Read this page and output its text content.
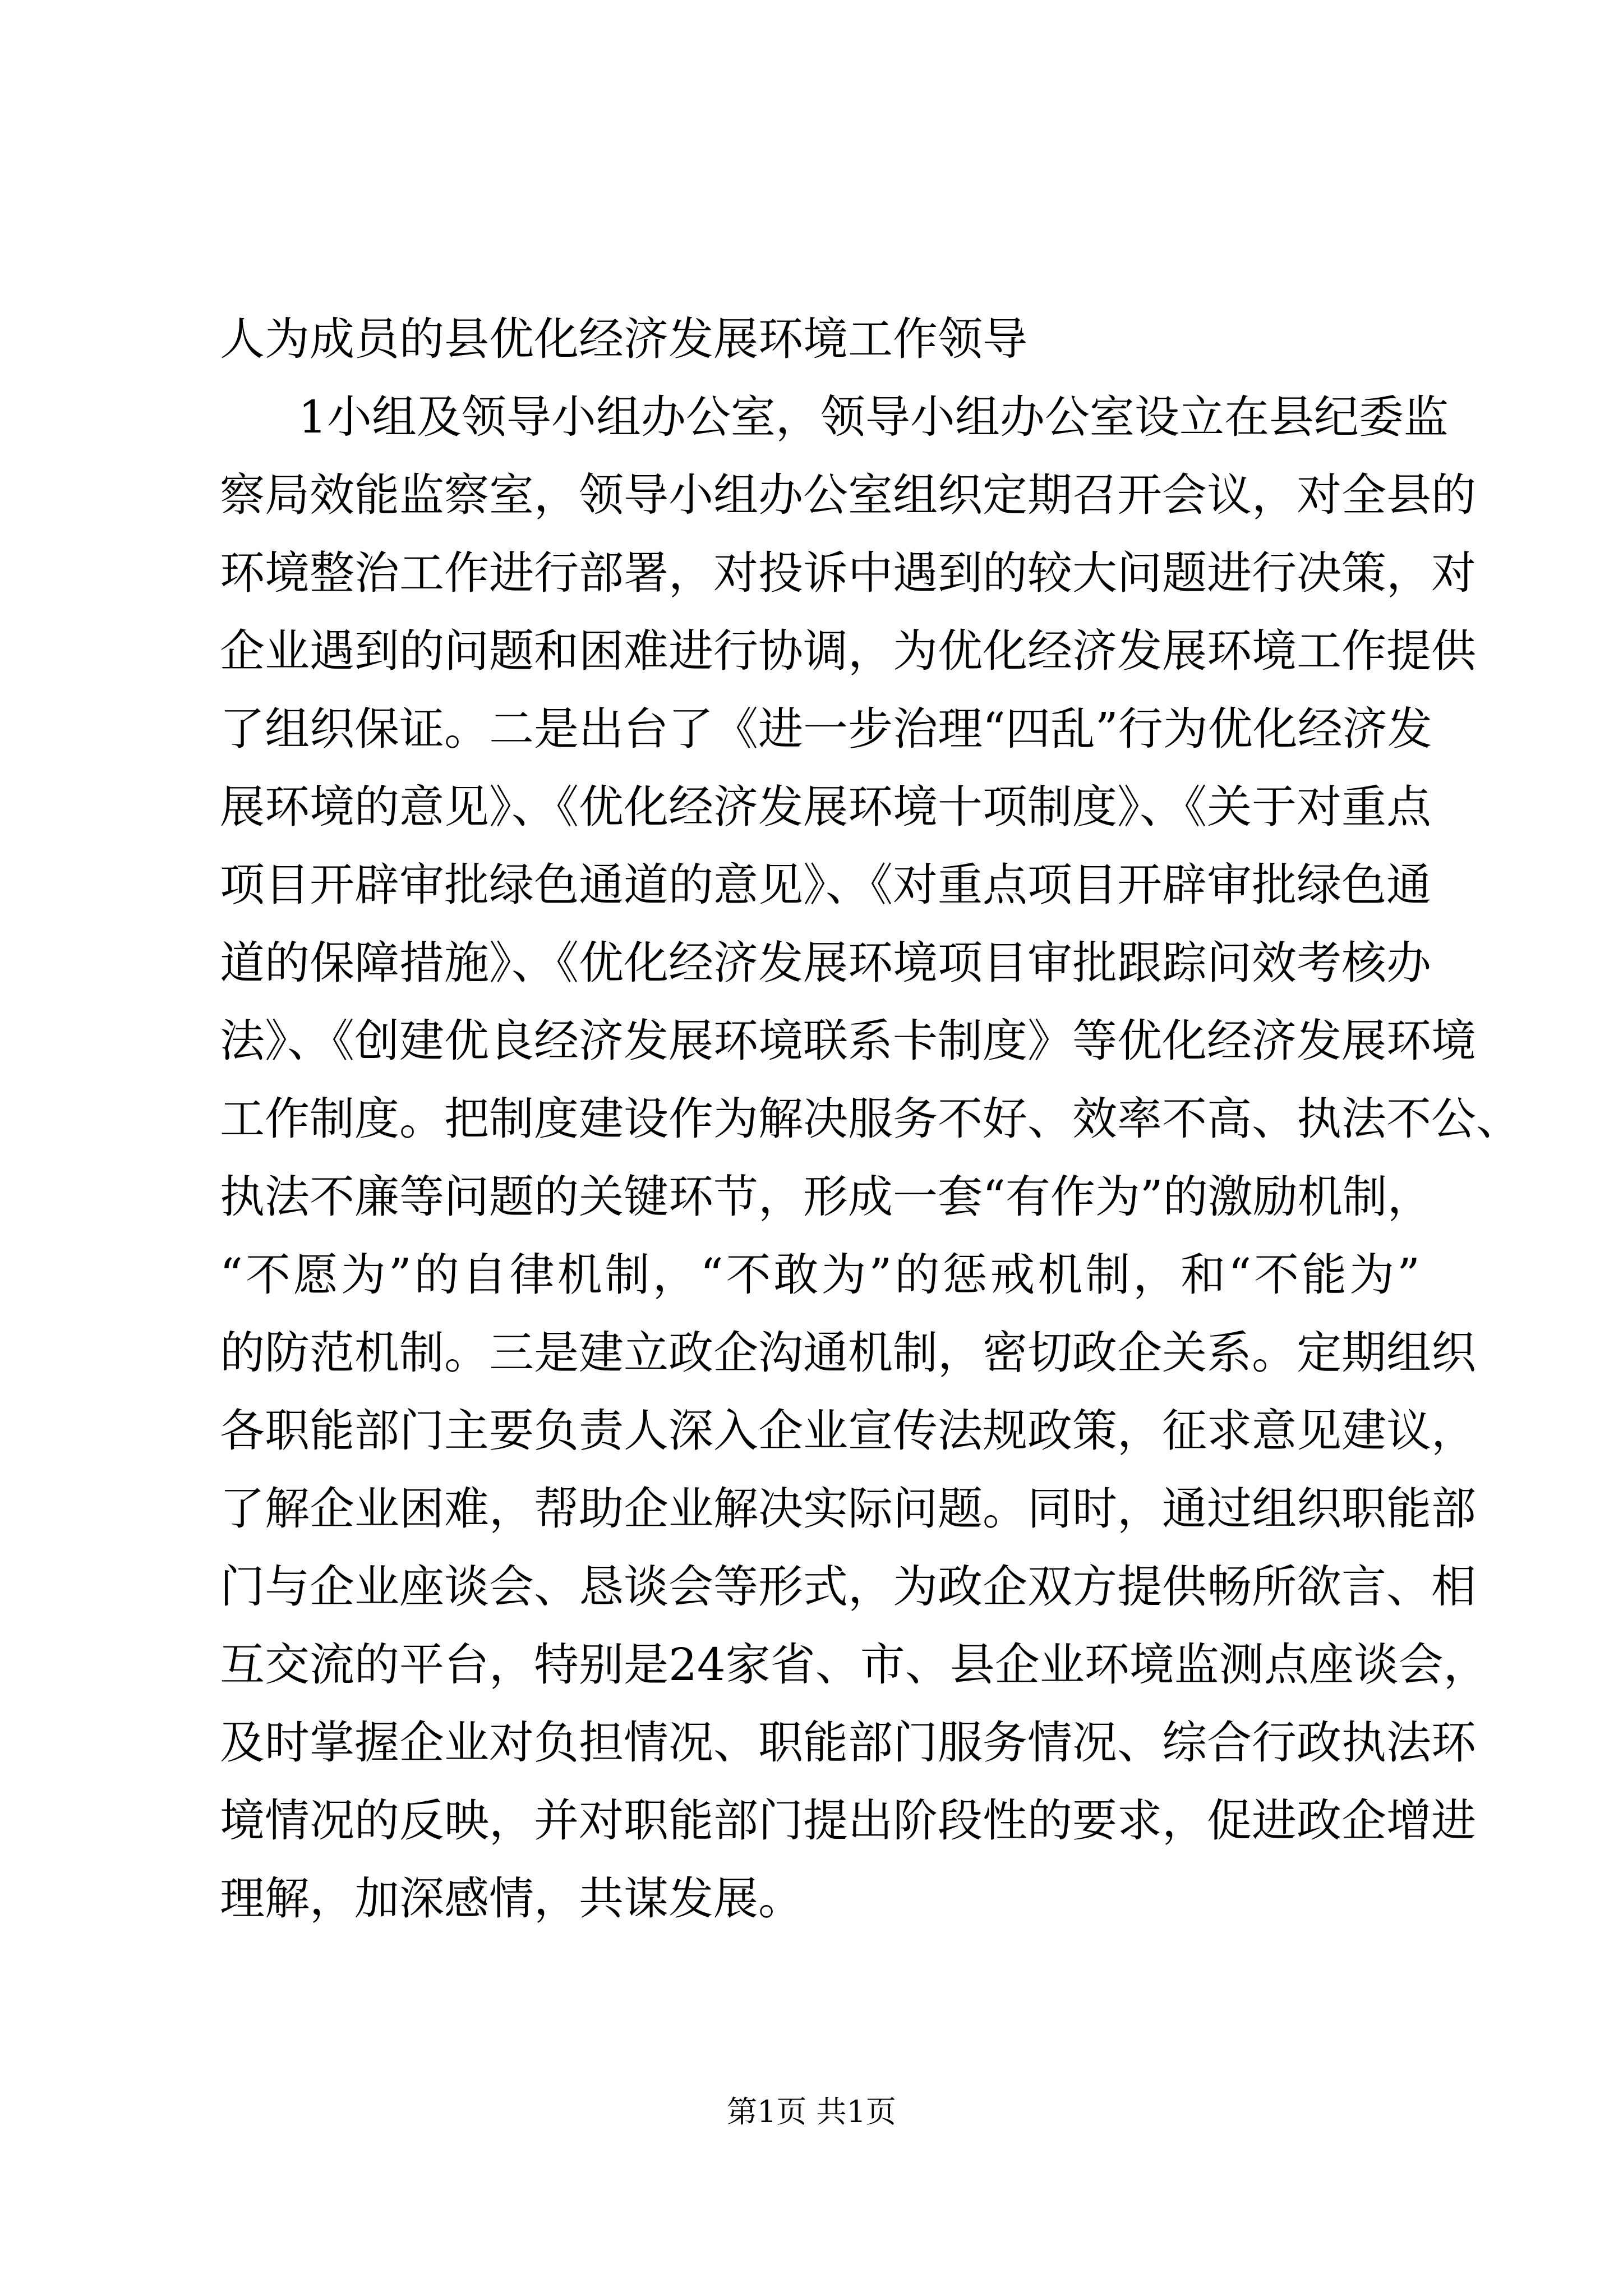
人为成员的县优化经济发展环境工作领导
1小组及领导小组办公室，领导小组办公室设立在县纪委监
察局效能监察室，领导小组办公室组织定期召开会议，对全县的
环境整治工作进行部署，对投诉中遇到的较大问题进行决策，对
企业遇到的问题和困难进行协调，为优化经济发展环境工作提供
了组织保证。二是出台了《进一步治理“四乱”行为优化经济发
展环境的意见》、《优化经济发展环境十项制度》、《关于对重点
项目开辟审批绿色通道的意见》、《对重点项目开辟审批绿色通
道的保障措施》、《优化经济发展环境项目审批跟踪问效考核办
法》、《创建优良经济发展环境联系卡制度》等优化经济发展环境
工作制度。把制度建设作为解决服务不好、效率不高、执法不公、
执法不廉等问题的关键环节，形成一套“有作为”的激励机制，
“不愿为”的自律机制，“不敢为”的惩戒机制，和“不能为”
的防范机制。三是建立政企沟通机制，密切政企关系。定期组织
各职能部门主要负责人深入企业宣传法规政策，征求意见建议，
了解企业困难，帮助企业解决实际问题。同时，通过组织职能部
门与企业座谈会、恳谈会等形式，为政企双方提供畅所欲言、相
互交流的平台，特别是24家省、市、县企业环境监测点座谈会，
及时掌握企业对负担情况、职能部门服务情况、综合行政执法环
境情况的反映，并对职能部门提出阶段性的要求，促进政企增进
理解，加深感情，共谋发展。
第1页 共1页
